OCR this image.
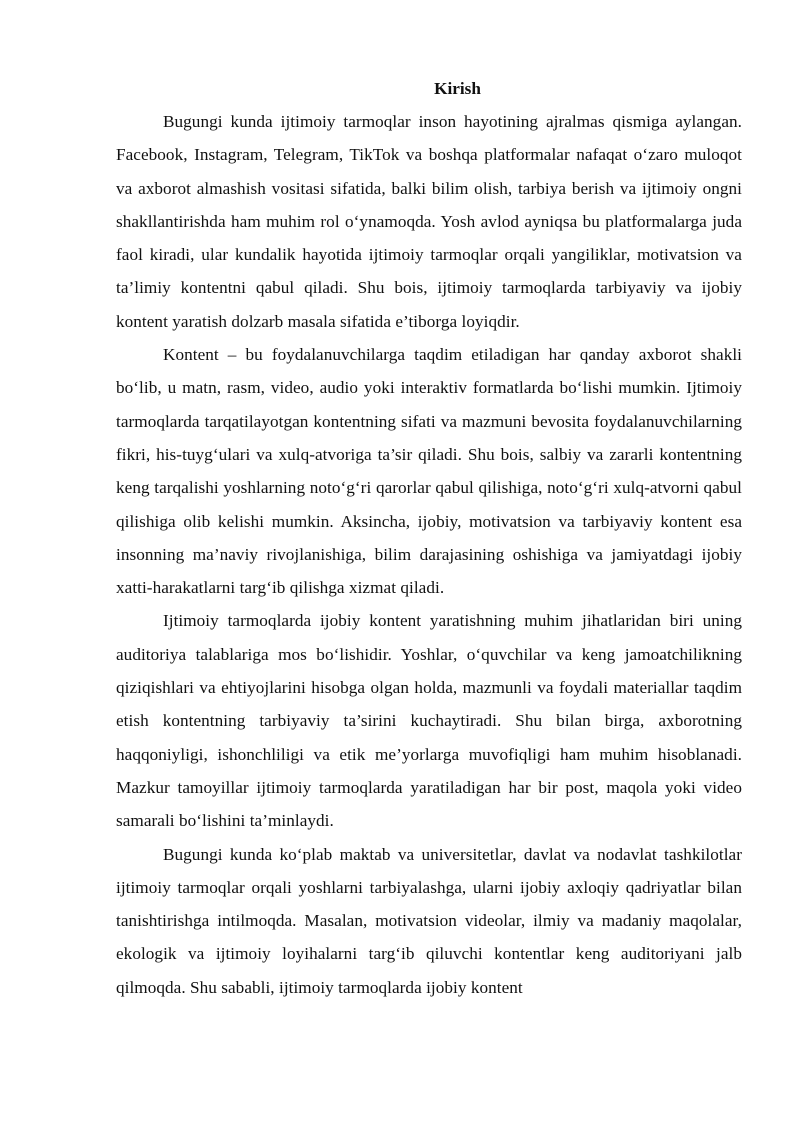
Kirish

Bugungi kunda ijtimoiy tarmoqlar inson hayotining ajralmas qismiga aylangan. Facebook, Instagram, Telegram, TikTok va boshqa platformalar nafaqat o‘zaro muloqot va axborot almashish vositasi sifatida, balki bilim olish, tarbiya berish va ijtimoiy ongni shakllantirishda ham muhim rol o‘ynamoqda. Yosh avlod ayniqsa bu platformalarga juda faol kiradi, ular kundalik hayotida ijtimoiy tarmoqlar orqali yangiliklar, motivatsion va ta’limiy kontentni qabul qiladi. Shu bois, ijtimoiy tarmoqlarda tarbiyaviy va ijobiy kontent yaratish dolzarb masala sifatida e’tiborga loyiqdir.

Kontent – bu foydalanuvchilarga taqdim etiladigan har qanday axborot shakli bo‘lib, u matn, rasm, video, audio yoki interaktiv formatlarda bo‘lishi mumkin. Ijtimoiy tarmoqlarda tarqatilayotgan kontentning sifati va mazmuni bevosita foydalanuvchilarning fikri, his-tuyg‘ulari va xulq-atvoriga ta’sir qiladi. Shu bois, salbiy va zararli kontentning keng tarqalishi yoshlarning noto‘g‘ri qarorlar qabul qilishiga, noto‘g‘ri xulq-atvorni qabul qilishiga olib kelishi mumkin. Aksincha, ijobiy, motivatsion va tarbiyaviy kontent esa insonning ma’naviy rivojlanishiga, bilim darajasining oshishiga va jamiyatdagi ijobiy xatti-harakatlarni targ‘ib qilishga xizmat qiladi.

Ijtimoiy tarmoqlarda ijobiy kontent yaratishning muhim jihatlaridan biri uning auditoriya talablariga mos bo‘lishidir. Yoshlar, o‘quvchilar va keng jamoatchilikning qiziqishlari va ehtiyojlarini hisobga olgan holda, mazmunli va foydali materiallar taqdim etish kontentning tarbiyaviy ta’sirini kuchaytiradi. Shu bilan birga, axborotning haqqoniyligi, ishonchliligi va etik me’yorlarga muvofiqligi ham muhim hisoblanadi. Mazkur tamoyillar ijtimoiy tarmoqlarda yaratiladigan har bir post, maqola yoki video samarali bo‘lishini ta’minlaydi.

Bugungi kunda ko‘plab maktab va universitetlar, davlat va nodavlat tashkilotlar ijtimoiy tarmoqlar orqali yoshlarni tarbiyalashga, ularni ijobiy axloqiy qadriyatlar bilan tanishtirishga intilmoqda. Masalan, motivatsion videolar, ilmiy va madaniy maqolalar, ekologik va ijtimoiy loyihalarni targ‘ib qiluvchi kontentlar keng auditoriyani jalb qilmoqda. Shu sababli, ijtimoiy tarmoqlarda ijobiy kontent
